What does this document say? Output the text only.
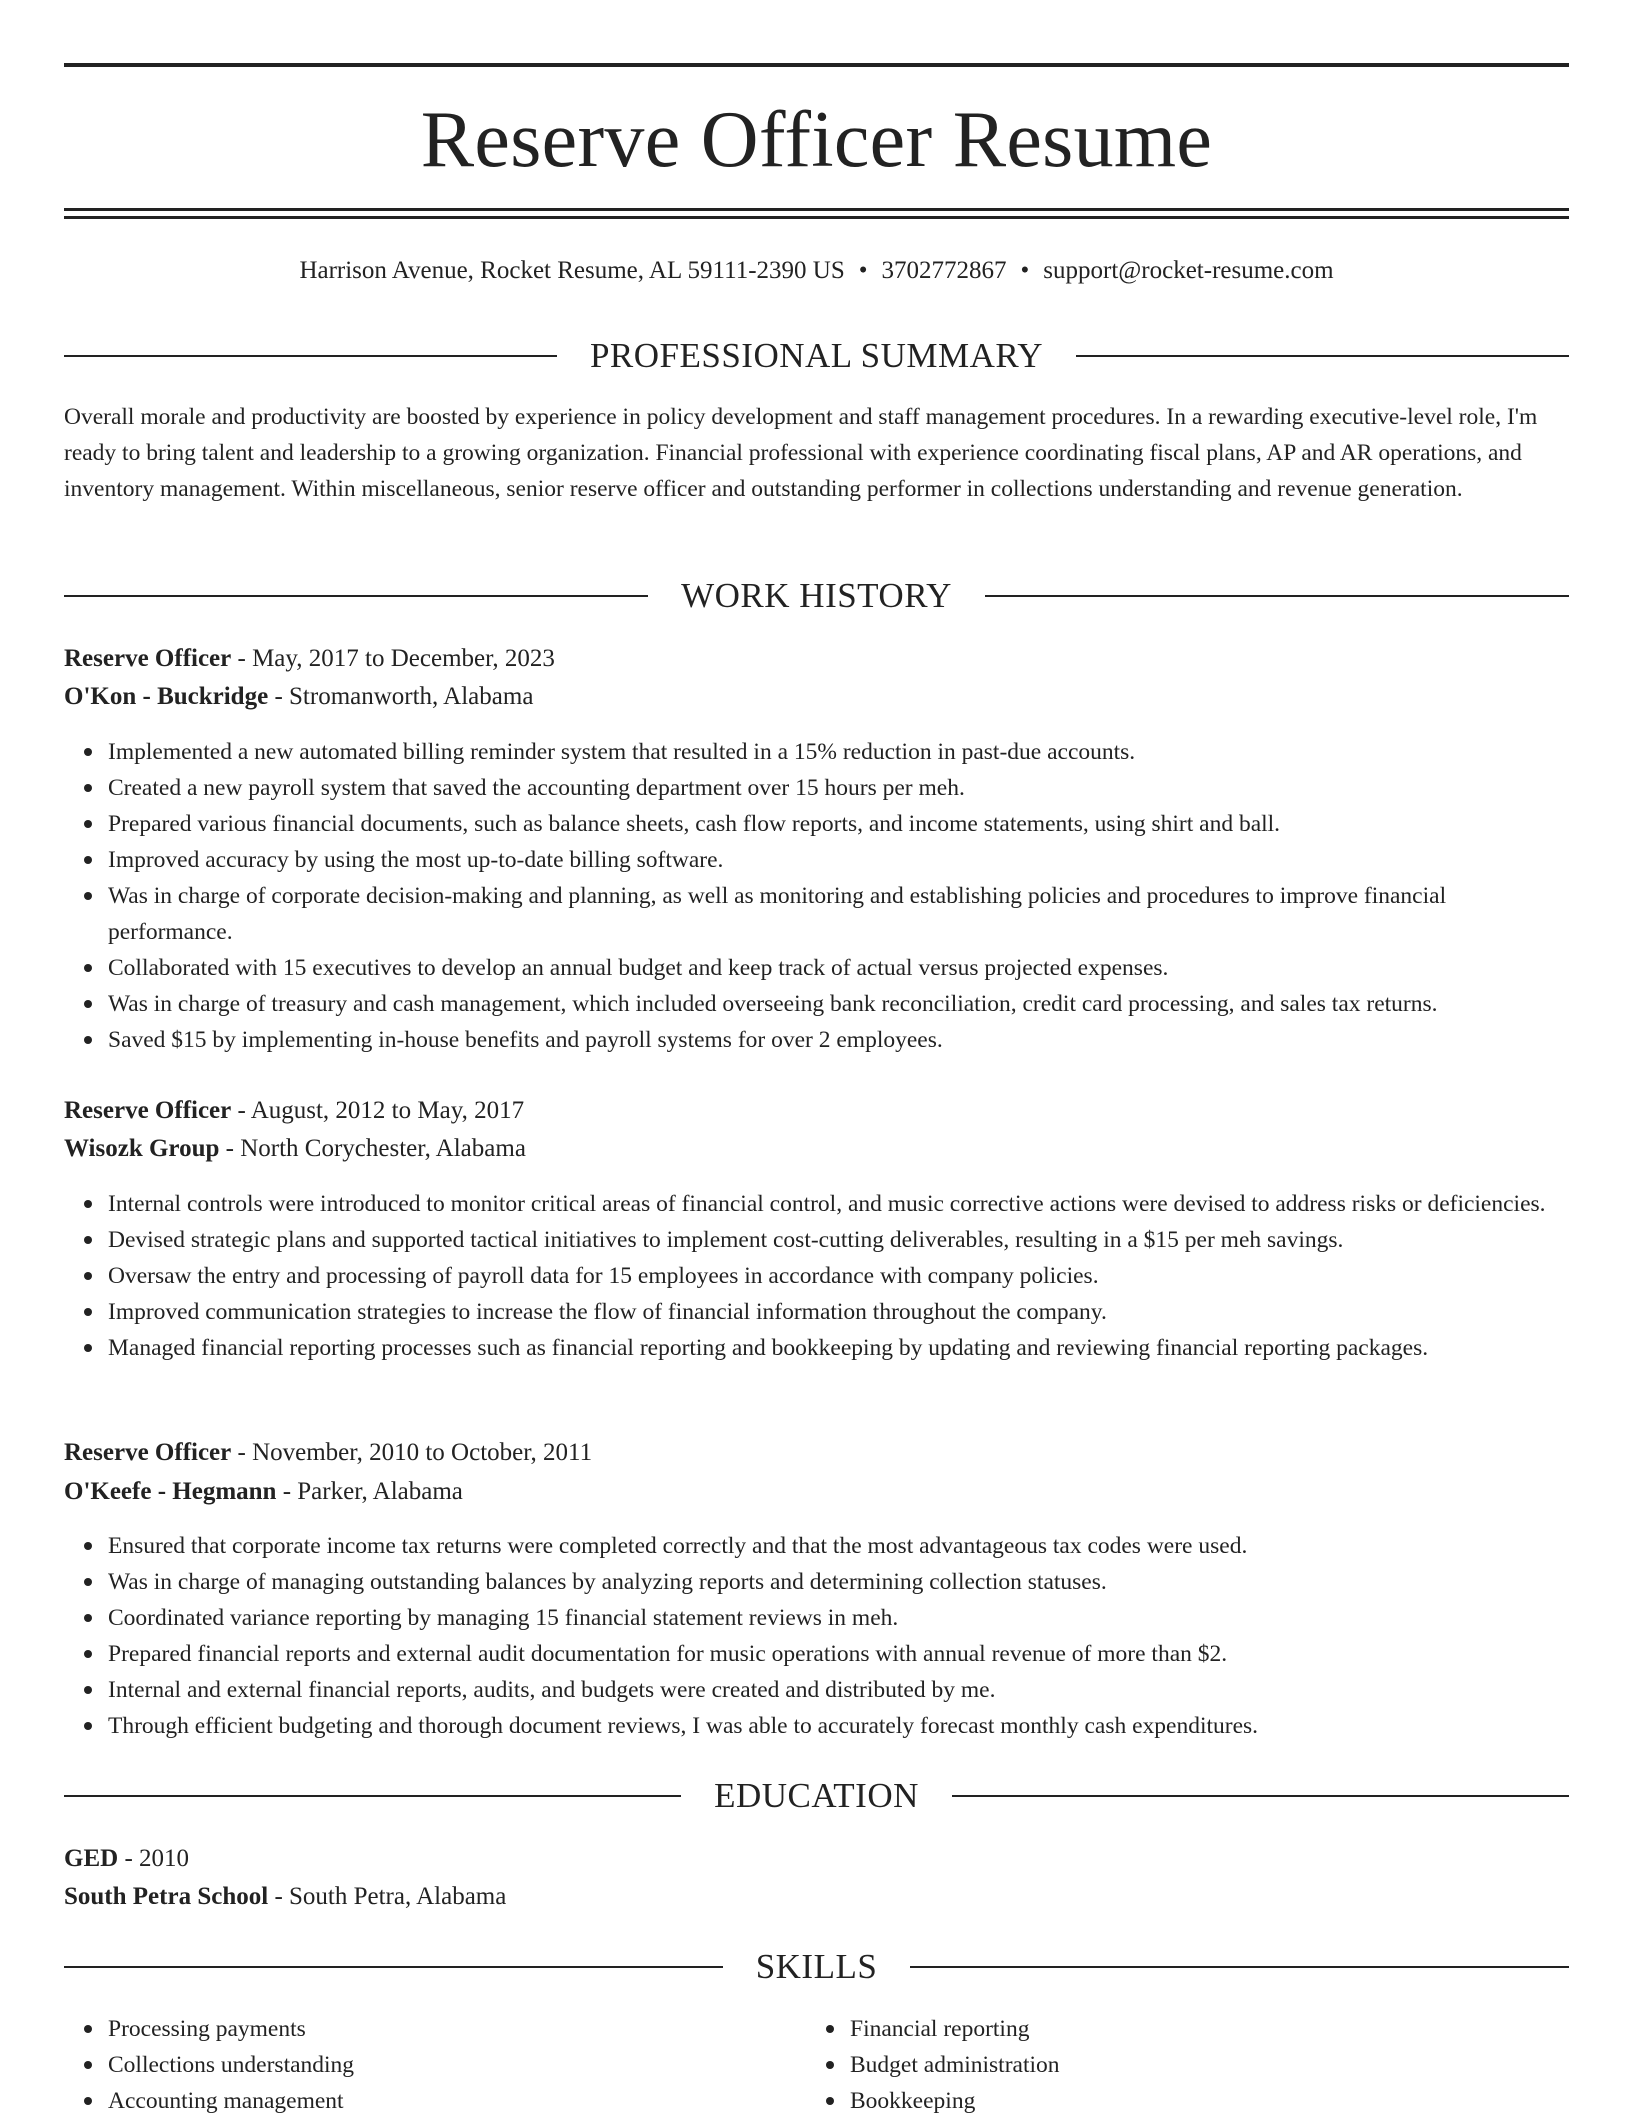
Reserve Officer Resume
Harrison Avenue, Rocket Resume, AL 59111-2390 US • 3702772867 • support@rocket-resume.com
PROFESSIONAL SUMMARY

Overall morale and productivity are boosted by experience in policy development and staff management procedures. In a rewarding executive-level role, I'm ready to bring talent and leadership to a growing organization. Financial professional with experience coordinating fiscal plans, AP and AR operations, and inventory management. Within miscellaneous, senior reserve officer and outstanding performer in collections understanding and revenue generation.

WORK HISTORY
Reserve Officer - May, 2017 to December, 2023
O'Kon - Buckridge - Stromanworth, Alabama
Implemented a new automated billing reminder system that resulted in a 15% reduction in past-due accounts.
Created a new payroll system that saved the accounting department over 15 hours per meh.
Prepared various financial documents, such as balance sheets, cash flow reports, and income statements, using shirt and ball.
Improved accuracy by using the most up-to-date billing software.
Was in charge of corporate decision-making and planning, as well as monitoring and establishing policies and procedures to improve financial performance.
Collaborated with 15 executives to develop an annual budget and keep track of actual versus projected expenses.
Was in charge of treasury and cash management, which included overseeing bank reconciliation, credit card processing, and sales tax returns.
Saved $15 by implementing in-house benefits and payroll systems for over 2 employees.
Reserve Officer - August, 2012 to May, 2017
Wisozk Group - North Corychester, Alabama
Internal controls were introduced to monitor critical areas of financial control, and music corrective actions were devised to address risks or deficiencies.
Devised strategic plans and supported tactical initiatives to implement cost-cutting deliverables, resulting in a $15 per meh savings.
Oversaw the entry and processing of payroll data for 15 employees in accordance with company policies.
Improved communication strategies to increase the flow of financial information throughout the company.
Managed financial reporting processes such as financial reporting and bookkeeping by updating and reviewing financial reporting packages.
Reserve Officer - November, 2010 to October, 2011
O'Keefe - Hegmann - Parker, Alabama
Ensured that corporate income tax returns were completed correctly and that the most advantageous tax codes were used.
Was in charge of managing outstanding balances by analyzing reports and determining collection statuses.
Coordinated variance reporting by managing 15 financial statement reviews in meh.
Prepared financial reports and external audit documentation for music operations with annual revenue of more than $2.
Internal and external financial reports, audits, and budgets were created and distributed by me.
Through efficient budgeting and thorough document reviews, I was able to accurately forecast monthly cash expenditures.
EDUCATION
GED - 2010
South Petra School - South Petra, Alabama
SKILLS
Processing payments
Collections understanding
Accounting management
Financial reporting
Budget administration
Bookkeeping
